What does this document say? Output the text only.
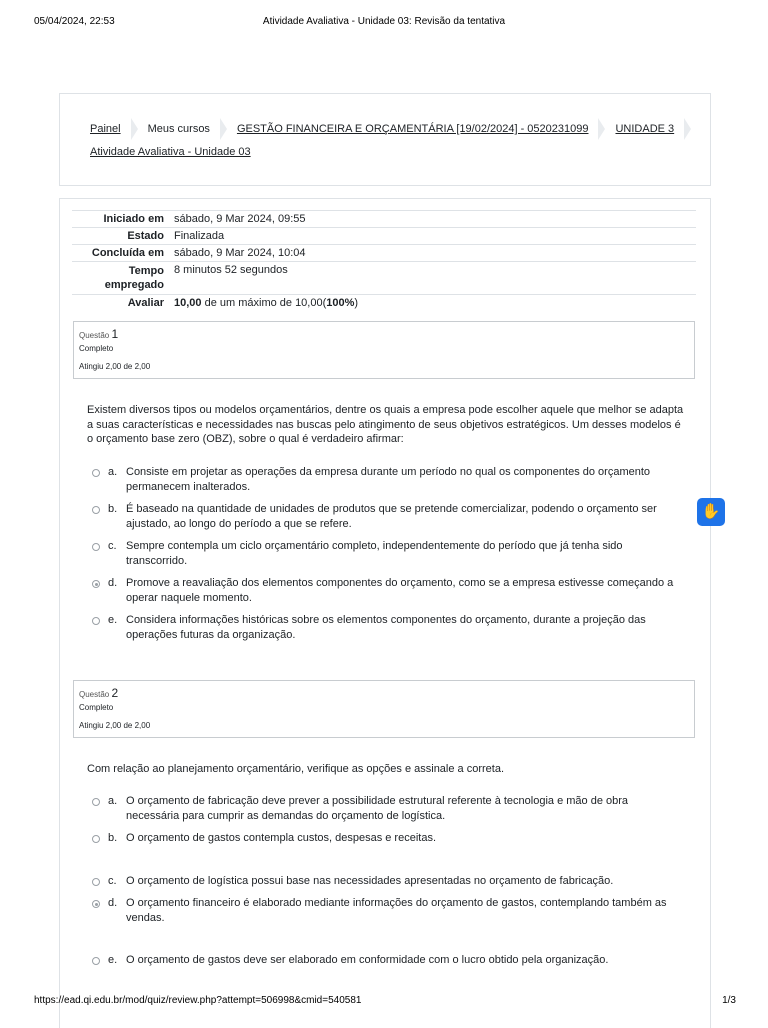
05/04/2024, 22:53	Atividade Avaliativa - Unidade 03: Revisão da tentativa
Painel Meus cursos GESTÃO FINANCEIRA E ORÇAMENTÁRIA [19/02/2024] - 0520231099 UNIDADE 3
Atividade Avaliativa - Unidade 03
Iniciado em sábado, 9 Mar 2024, 09:55
Estado Finalizada
Concluída em sábado, 9 Mar 2024, 10:04
Tempo empregado
8 minutos 52 segundos
Avaliar 10,00 de um máximo de 10,00(100%)
Questão 1
Completo
Atingiu 2,00 de 2,00
Existem diversos tipos ou modelos orçamentários, dentre os quais a empresa pode escolher aquele que melhor se adapta a suas características e necessidades nas buscas pelo atingimento de seus objetivos estratégicos. Um desses modelos é o orçamento base zero (OBZ), sobre o qual é verdadeiro afirmar:
a. Consiste em projetar as operações da empresa durante um período no qual os componentes do orçamento permanecem inalterados.
b. É baseado na quantidade de unidades de produtos que se pretende comercializar, podendo o orçamento ser ajustado, ao longo do período a que se refere.
c. Sempre contempla um ciclo orçamentário completo, independentemente do período que já tenha sido transcorrido.
d. Promove a reavaliação dos elementos componentes do orçamento, como se a empresa estivesse começando a operar naquele momento.
e. Considera informações históricas sobre os elementos componentes do orçamento, durante a projeção das operações futuras da organização.
Questão 2
Completo
Atingiu 2,00 de 2,00
Com relação ao planejamento orçamentário, verifique as opções e assinale a correta.
a. O orçamento de fabricação deve prever a possibilidade estrutural referente à tecnologia e mão de obra necessária para cumprir as demandas do orçamento de logística.
b. O orçamento de gastos contempla custos, despesas e receitas.
c. O orçamento de logística possui base nas necessidades apresentadas no orçamento de fabricação.
d. O orçamento financeiro é elaborado mediante informações do orçamento de gastos, contemplando também as vendas.
e. O orçamento de gastos deve ser elaborado em conformidade com o lucro obtido pela organização.
✋
https://ead.qi.edu.br/mod/quiz/review.php?attempt=506998&cmid=540581	1/3
